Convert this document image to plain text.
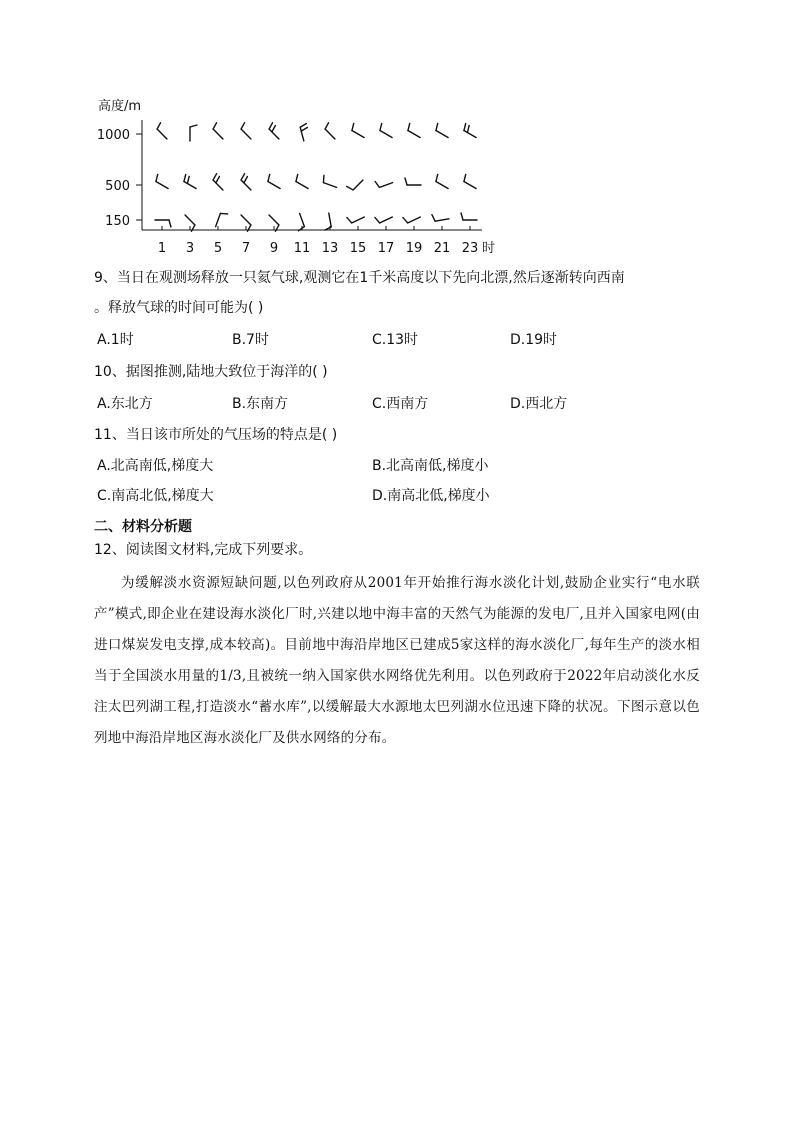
高度/m
时
1000
500
150
1 3 5 7 9 11 13 15 17 19 21 23
9、当日在观测场释放一只氦气球,观测它在1千米高度以下先向北漂,然后逐渐转向西南
。释放气球的时间可能为( )
A.1时	B.7时	C.13时	D.19时
10、据图推测,陆地大致位于海洋的( )
A.东北方	B.东南方	C.西南方	D.西北方
11、当日该市所处的气压场的特点是( )
A.北高南低,梯度大	B.北高南低,梯度小
C.南高北低,梯度大	D.南高北低,梯度小
二、材料分析题
12、阅读图文材料,完成下列要求。
为缓解淡水资源短缺问题,以色列政府从2001年开始推行海水淡化计划,鼓励企业实行“电水联产”模式,即企业在建设海水淡化厂时,兴建以地中海丰富的天然气为能源的发电厂,且并入国家电网(由进口煤炭发电支撑,成本较高)。目前地中海沿岸地区已建成5家这样的海水淡化厂,每年生产的淡水相当于全国淡水用量的1/3,且被统一纳入国家供水网络优先利用。以色列政府于2022年启动淡化水反注太巴列湖工程,打造淡水“蓄水库”,以缓解最大水源地太巴列湖水位迅速下降的状况。下图示意以色列地中海沿岸地区海水淡化厂及供水网络的分布。
